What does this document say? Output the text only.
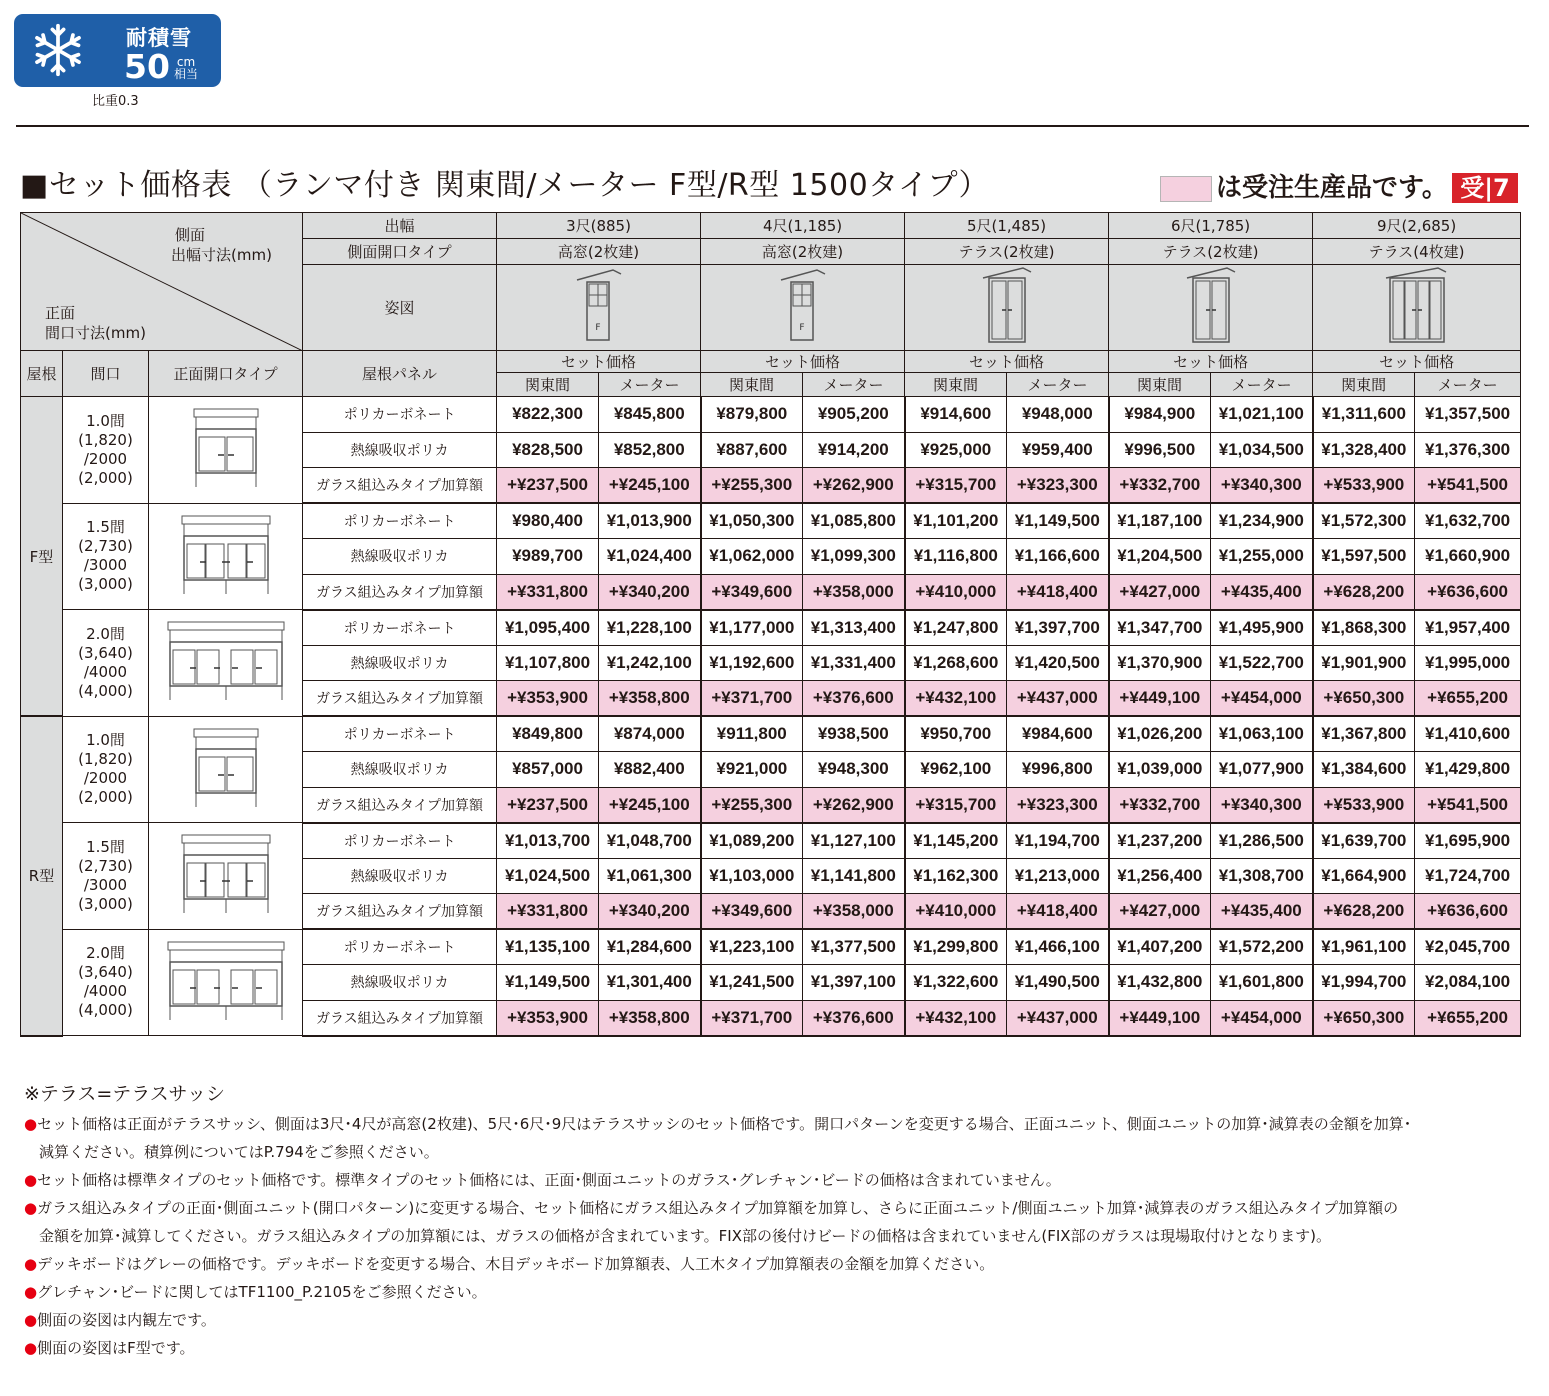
耐積雪
50 cm
相当
比重0.3
■セット価格表 （ランマ付き 関東間/メーター F型/R型 1500タイプ）	は受注生産品です。 受|7
側面
出幅寸法(mm)
正面
間口寸法(mm)			出幅	3尺(885)		4尺(1,185)		5尺(1,485)		6尺(1,785)		9尺(2,685)	
			側面開口タイプ	高窓(2枚建)		高窓(2枚建)		テラス(2枚建)		テラス(2枚建)		テラス(4枚建)	
			姿図	F		F

屋根	間口	正面開口タイプ	屋根パネル	セット価格		セット価格		セット価格		セット価格		セット価格	
				関東間	メーター	関東間	メーター	関東間	メーター	関東間	メーター	関東間	メーター
F型	1.0間
(1,820)
/2000
(2,000)		ポリカーボネート	¥822,300	¥845,800	¥879,800	¥905,200	¥914,600	¥948,000	¥984,900	¥1,021,100	¥1,311,600	¥1,357,500
			熱線吸収ポリカ	¥828,500	¥852,800	¥887,600	¥914,200	¥925,000	¥959,400	¥996,500	¥1,034,500	¥1,328,400	¥1,376,300
			ガラス組込みタイプ加算額	+¥237,500	+¥245,100	+¥255,300	+¥262,900	+¥315,700	+¥323,300	+¥332,700	+¥340,300	+¥533,900	+¥541,500

	1.5間
(2,730)
/3000
(3,000)		ポリカーボネート	¥980,400	¥1,013,900	¥1,050,300	¥1,085,800	¥1,101,200	¥1,149,500	¥1,187,100	¥1,234,900	¥1,572,300	¥1,632,700
			熱線吸収ポリカ	¥989,700	¥1,024,400	¥1,062,000	¥1,099,300	¥1,116,800	¥1,166,600	¥1,204,500	¥1,255,000	¥1,597,500	¥1,660,900
			ガラス組込みタイプ加算額	+¥331,800	+¥340,200	+¥349,600	+¥358,000	+¥410,000	+¥418,400	+¥427,000	+¥435,400	+¥628,200	+¥636,600

	2.0間
(3,640)
/4000
(4,000)		ポリカーボネート	¥1,095,400	¥1,228,100	¥1,177,000	¥1,313,400	¥1,247,800	¥1,397,700	¥1,347,700	¥1,495,900	¥1,868,300	¥1,957,400
			熱線吸収ポリカ	¥1,107,800	¥1,242,100	¥1,192,600	¥1,331,400	¥1,268,600	¥1,420,500	¥1,370,900	¥1,522,700	¥1,901,900	¥1,995,000
			ガラス組込みタイプ加算額	+¥353,900	+¥358,800	+¥371,700	+¥376,600	+¥432,100	+¥437,000	+¥449,100	+¥454,000	+¥650,300	+¥655,200
R型	1.0間
(1,820)
/2000
(2,000)		ポリカーボネート	¥849,800	¥874,000	¥911,800	¥938,500	¥950,700	¥984,600	¥1,026,200	¥1,063,100	¥1,367,800	¥1,410,600
			熱線吸収ポリカ	¥857,000	¥882,400	¥921,000	¥948,300	¥962,100	¥996,800	¥1,039,000	¥1,077,900	¥1,384,600	¥1,429,800
			ガラス組込みタイプ加算額	+¥237,500	+¥245,100	+¥255,300	+¥262,900	+¥315,700	+¥323,300	+¥332,700	+¥340,300	+¥533,900	+¥541,500

	1.5間
(2,730)
/3000
(3,000)		ポリカーボネート	¥1,013,700	¥1,048,700	¥1,089,200	¥1,127,100	¥1,145,200	¥1,194,700	¥1,237,200	¥1,286,500	¥1,639,700	¥1,695,900
			熱線吸収ポリカ	¥1,024,500	¥1,061,300	¥1,103,000	¥1,141,800	¥1,162,300	¥1,213,000	¥1,256,400	¥1,308,700	¥1,664,900	¥1,724,700
			ガラス組込みタイプ加算額	+¥331,800	+¥340,200	+¥349,600	+¥358,000	+¥410,000	+¥418,400	+¥427,000	+¥435,400	+¥628,200	+¥636,600

	2.0間
(3,640)
/4000
(4,000)		ポリカーボネート	¥1,135,100	¥1,284,600	¥1,223,100	¥1,377,500	¥1,299,800	¥1,466,100	¥1,407,200	¥1,572,200	¥1,961,100	¥2,045,700
			熱線吸収ポリカ	¥1,149,500	¥1,301,400	¥1,241,500	¥1,397,100	¥1,322,600	¥1,490,500	¥1,432,800	¥1,601,800	¥1,994,700	¥2,084,100
			ガラス組込みタイプ加算額	+¥353,900	+¥358,800	+¥371,700	+¥376,600	+¥432,100	+¥437,000	+¥449,100	+¥454,000	+¥650,300	+¥655,200
※テラス=テラスサッシ
●セット価格は正面がテラスサッシ、側面は3尺･4尺が高窓(2枚建)、5尺･6尺･9尺はテラスサッシのセット価格です。開口パターンを変更する場合、正面ユニット、側面ユニットの加算･減算表の金額を加算･
　減算ください。積算例についてはP.794をご参照ください。
●セット価格は標準タイプのセット価格です。標準タイプのセット価格には、正面･側面ユニットのガラス･グレチャン･ビードの価格は含まれていません。
●ガラス組込みタイプの正面･側面ユニット(開口パターン)に変更する場合、セット価格にガラス組込みタイプ加算額を加算し、さらに正面ユニット/側面ユニット加算･減算表のガラス組込みタイプ加算額の
　金額を加算･減算してください。ガラス組込みタイプの加算額には、ガラスの価格が含まれています。FIX部の後付けビードの価格は含まれていません(FIX部のガラスは現場取付けとなります)。
●デッキボードはグレーの価格です。デッキボードを変更する場合、木目デッキボード加算額表、人工木タイプ加算額表の金額を加算ください。
●グレチャン･ビードに関してはTF1100_P.2105をご参照ください。
●側面の姿図は内観左です。
●側面の姿図はF型です。
